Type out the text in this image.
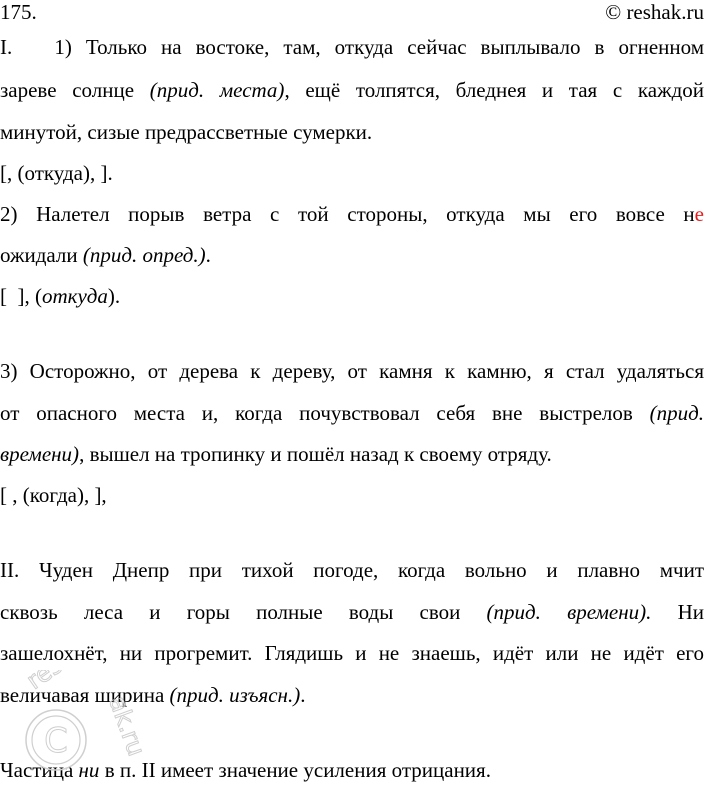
175.	© reshak.ru
I. 1) Только на востоке, там, откуда сейчас выплывало в огненном
зареве солнце (прид. места), ещё толпятся, бледнея и тая с каждой
минутой, сизые предрассветные сумерки.
[, (откуда), ].
2) Налетел порыв ветра с той стороны, откуда мы его вовсе не
ожидали (прид. опред.).
[  ], (откуда).
3) Осторожно, от дерева к дереву, от камня к камню, я стал удаляться
от опасного места и, когда почувствовал себя вне выстрелов (прид.
времени), вышел на тропинку и пошёл назад к своему отряду.
[ , (когда), ],
II. Чуден Днепр при тихой погоде, когда вольно и плавно мчит
сквозь леса и горы полные воды свои (прид. времени). Ни
зашелохнёт, ни прогремит. Глядишь и не знаешь, идёт или не идёт его
величавая ширина (прид. изъясн.).
Частица ни в п. II имеет значение усиления отрицания.
C ak.ru
